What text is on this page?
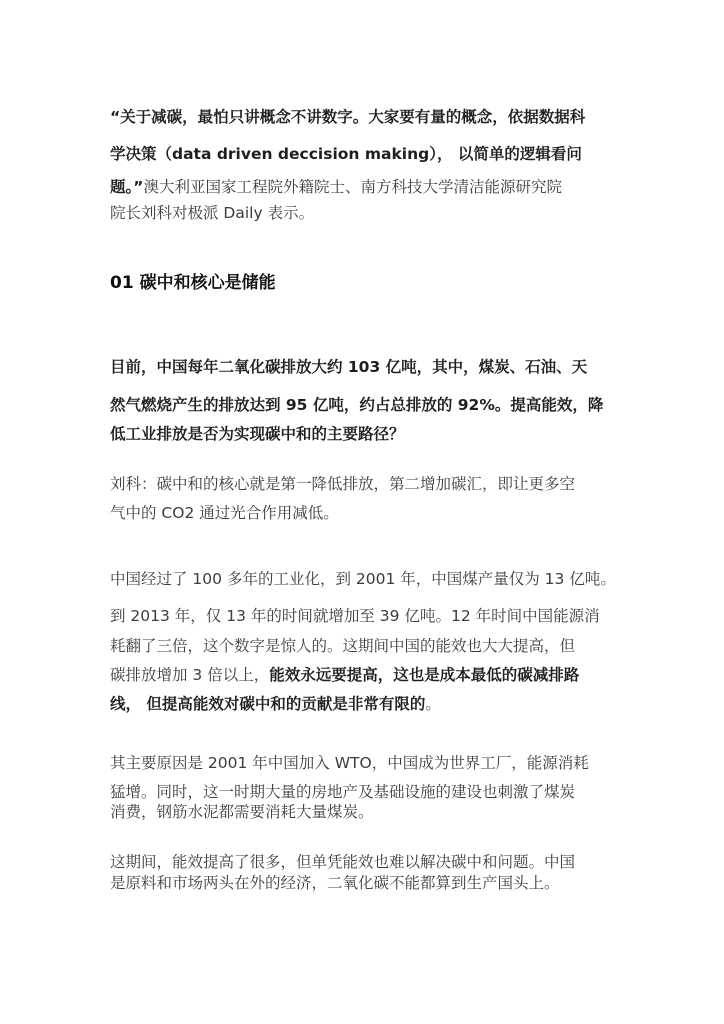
“关于减碳，最怕只讲概念不讲数字。大家要有量的概念，依据数据科
学决策（data driven deccision making）， 以简单的逻辑看问
题。”澳大利亚国家工程院外籍院士、南方科技大学清洁能源研究院
院长刘科对极派 Daily 表示。
01 碳中和核心是储能
目前，中国每年二氧化碳排放大约 103 亿吨，其中，煤炭、石油、天
然气燃烧产生的排放达到 95 亿吨，约占总排放的 92%。提高能效，降
低工业排放是否为实现碳中和的主要路径？
刘科：碳中和的核心就是第一降低排放，第二增加碳汇，即让更多空
气中的 CO2 通过光合作用减低。
中国经过了 100 多年的工业化，到 2001 年，中国煤产量仅为 13 亿吨。
到 2013 年，仅 13 年的时间就增加至 39 亿吨。12 年时间中国能源消
耗翻了三倍，这个数字是惊人的。这期间中国的能效也大大提高，但
碳排放增加 3 倍以上，能效永远要提高，这也是成本最低的碳减排路
线， 但提高能效对碳中和的贡献是非常有限的。
其主要原因是 2001 年中国加入 WTO，中国成为世界工厂，能源消耗
猛增。同时，这一时期大量的房地产及基础设施的建设也刺激了煤炭
消费，钢筋水泥都需要消耗大量煤炭。
这期间，能效提高了很多，但单凭能效也难以解决碳中和问题。中国
是原料和市场两头在外的经济，二氧化碳不能都算到生产国头上。
